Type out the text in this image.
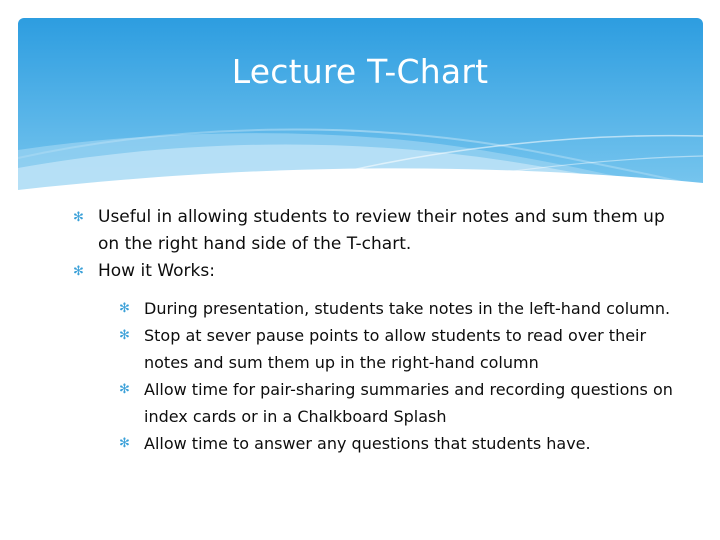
Lecture T-Chart
✻ Useful in allowing students to review their notes and sum them up on the right hand side of the T-chart.
✻ How it Works:
✻ During presentation, students take notes in the left-hand column.
✻ Stop at sever pause points to allow students to read over their notes and sum them up in the right-hand column
✻ Allow time for pair-sharing summaries and recording questions on index cards or in a Chalkboard Splash
✻ Allow time to answer any questions that students have.
